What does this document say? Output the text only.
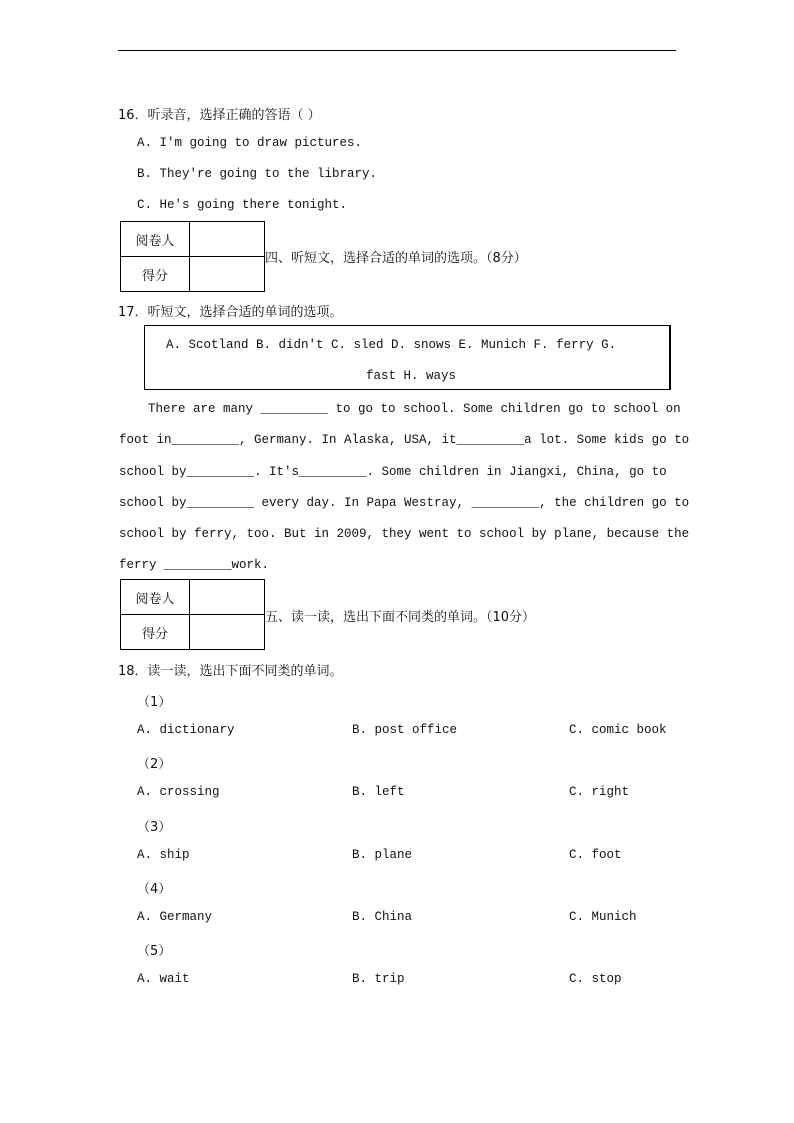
16．听录音，选择正确的答语（ ）
A. I'm going to draw pictures.
B. They're going to the library.
C. He's going there tonight.
阅卷人	
得分	
四、听短文，选择合适的单词的选项。（8分）
17．听短文，选择合适的单词的选项。
A. Scotland B. didn't C. sled D. snows E. Munich F. ferry G.
fast H. ways
There are many _________ to go to school. Some children go to school on
foot in_________, Germany. In Alaska, USA, it_________a lot. Some kids go to
school by_________. It's_________. Some children in Jiangxi, China, go to
school by_________ every day. In Papa Westray, _________, the children go to
school by ferry, too. But in 2009, they went to school by plane, because the
ferry _________work.
阅卷人	
得分	
五、读一读，选出下面不同类的单词。（10分）
18．读一读，选出下面不同类的单词。
（1）
A. dictionary	B. post office	C. comic book
（2）
A. crossing	B. left	C. right
（3）
A. ship	B. plane	C. foot
（4）
A. Germany	B. China	C. Munich
（5）
A. wait	B. trip	C. stop
